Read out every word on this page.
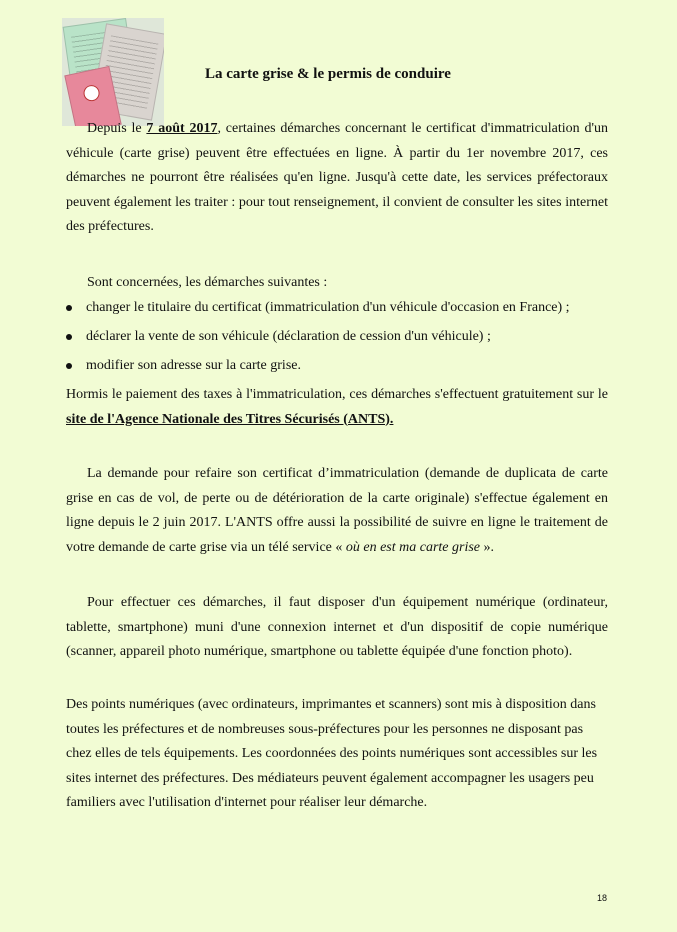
La carte grise & le permis de conduire
Depuis le 7 août 2017, certaines démarches concernant le certificat d'immatriculation d'un véhicule (carte grise) peuvent être effectuées en ligne. À partir du 1er novembre 2017, ces démarches ne pourront être réalisées qu'en ligne. Jusqu'à cette date, les services préfectoraux peuvent également les traiter : pour tout renseignement, il convient de consulter les sites internet des préfectures.
Sont concernées, les démarches suivantes :
changer le titulaire du certificat (immatriculation d'un véhicule d'occasion en France) ;
déclarer la vente de son véhicule (déclaration de cession d'un véhicule) ;
modifier son adresse sur la carte grise.
Hormis le paiement des taxes à l'immatriculation, ces démarches s'effectuent gratuitement sur le site de l'Agence Nationale des Titres Sécurisés (ANTS).
La demande pour refaire son certificat d’immatriculation (demande de duplicata de carte grise en cas de vol, de perte ou de détérioration de la carte originale) s'effectue également en ligne depuis le 2 juin 2017. L'ANTS offre aussi la possibilité de suivre en ligne le traitement de votre demande de carte grise via un télé service « où en est ma carte grise ».
Pour effectuer ces démarches, il faut disposer d'un équipement numérique (ordinateur, tablette, smartphone) muni d'une connexion internet et d'un dispositif de copie numérique (scanner, appareil photo numérique, smartphone ou tablette équipée d'une fonction photo).
Des points numériques (avec ordinateurs, imprimantes et scanners) sont mis à disposition dans toutes les préfectures et de nombreuses sous-préfectures pour les personnes ne disposant pas chez elles de tels équipements. Les coordonnées des points numériques sont accessibles sur les sites internet des préfectures. Des médiateurs peuvent également accompagner les usagers peu familiers avec l'utilisation d'internet pour réaliser leur démarche.
18
